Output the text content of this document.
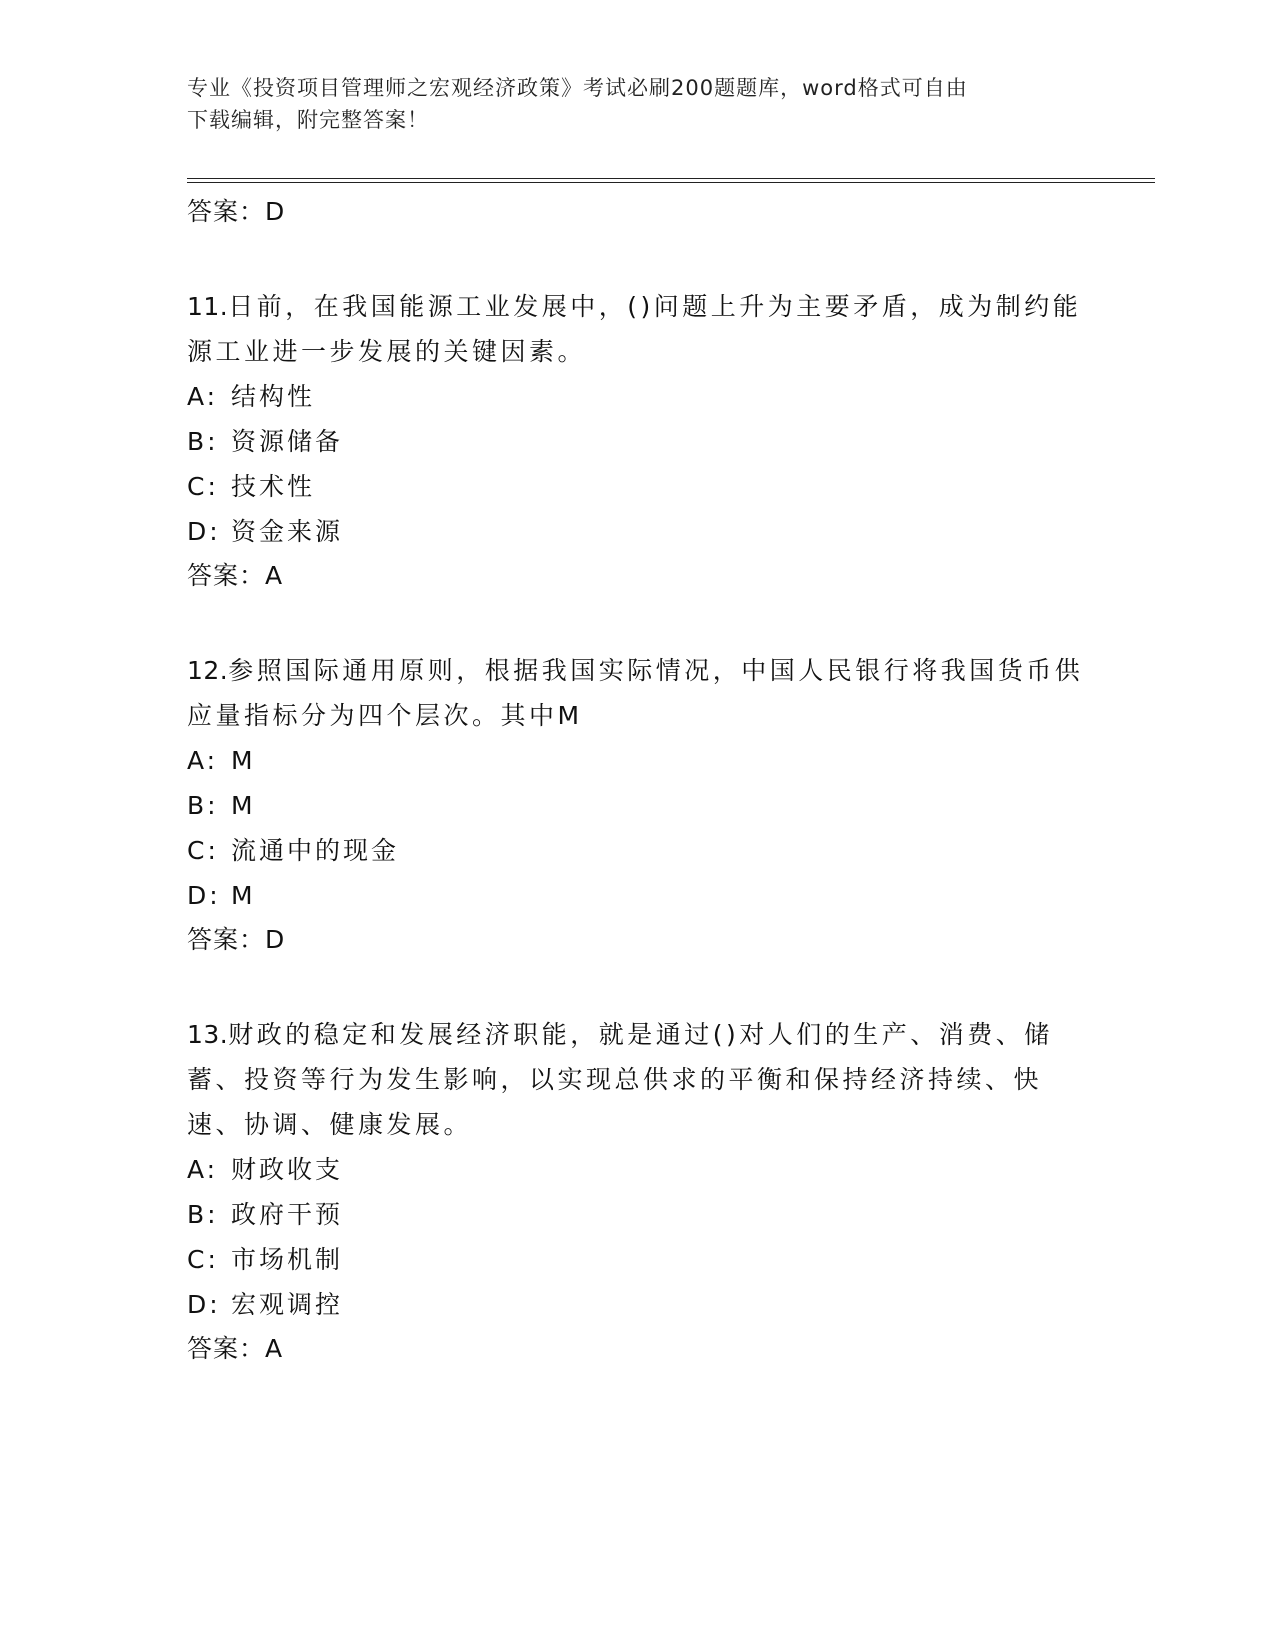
专业《投资项目管理师之宏观经济政策》考试必刷200题题库，word格式可自由
下载编辑，附完整答案！
答案：D

11.日前，在我国能源工业发展中，()问题上升为主要矛盾，成为制约能源工业进一步发展的关键因素。

A: 结构性
B: 资源储备
C: 技术性
D: 资金来源
答案：A

12.参照国际通用原则，根据我国实际情况，中国人民银行将我国货币供应量指标分为四个层次。其中M

A: M
B: M
C: 流通中的现金
D: M
答案：D

13.财政的稳定和发展经济职能，就是通过()对人们的生产、消费、储蓄、投资等行为发生影响，以实现总供求的平衡和保持经济持续、快速、协调、健康发展。

A: 财政收支
B: 政府干预
C: 市场机制
D: 宏观调控
答案：A
